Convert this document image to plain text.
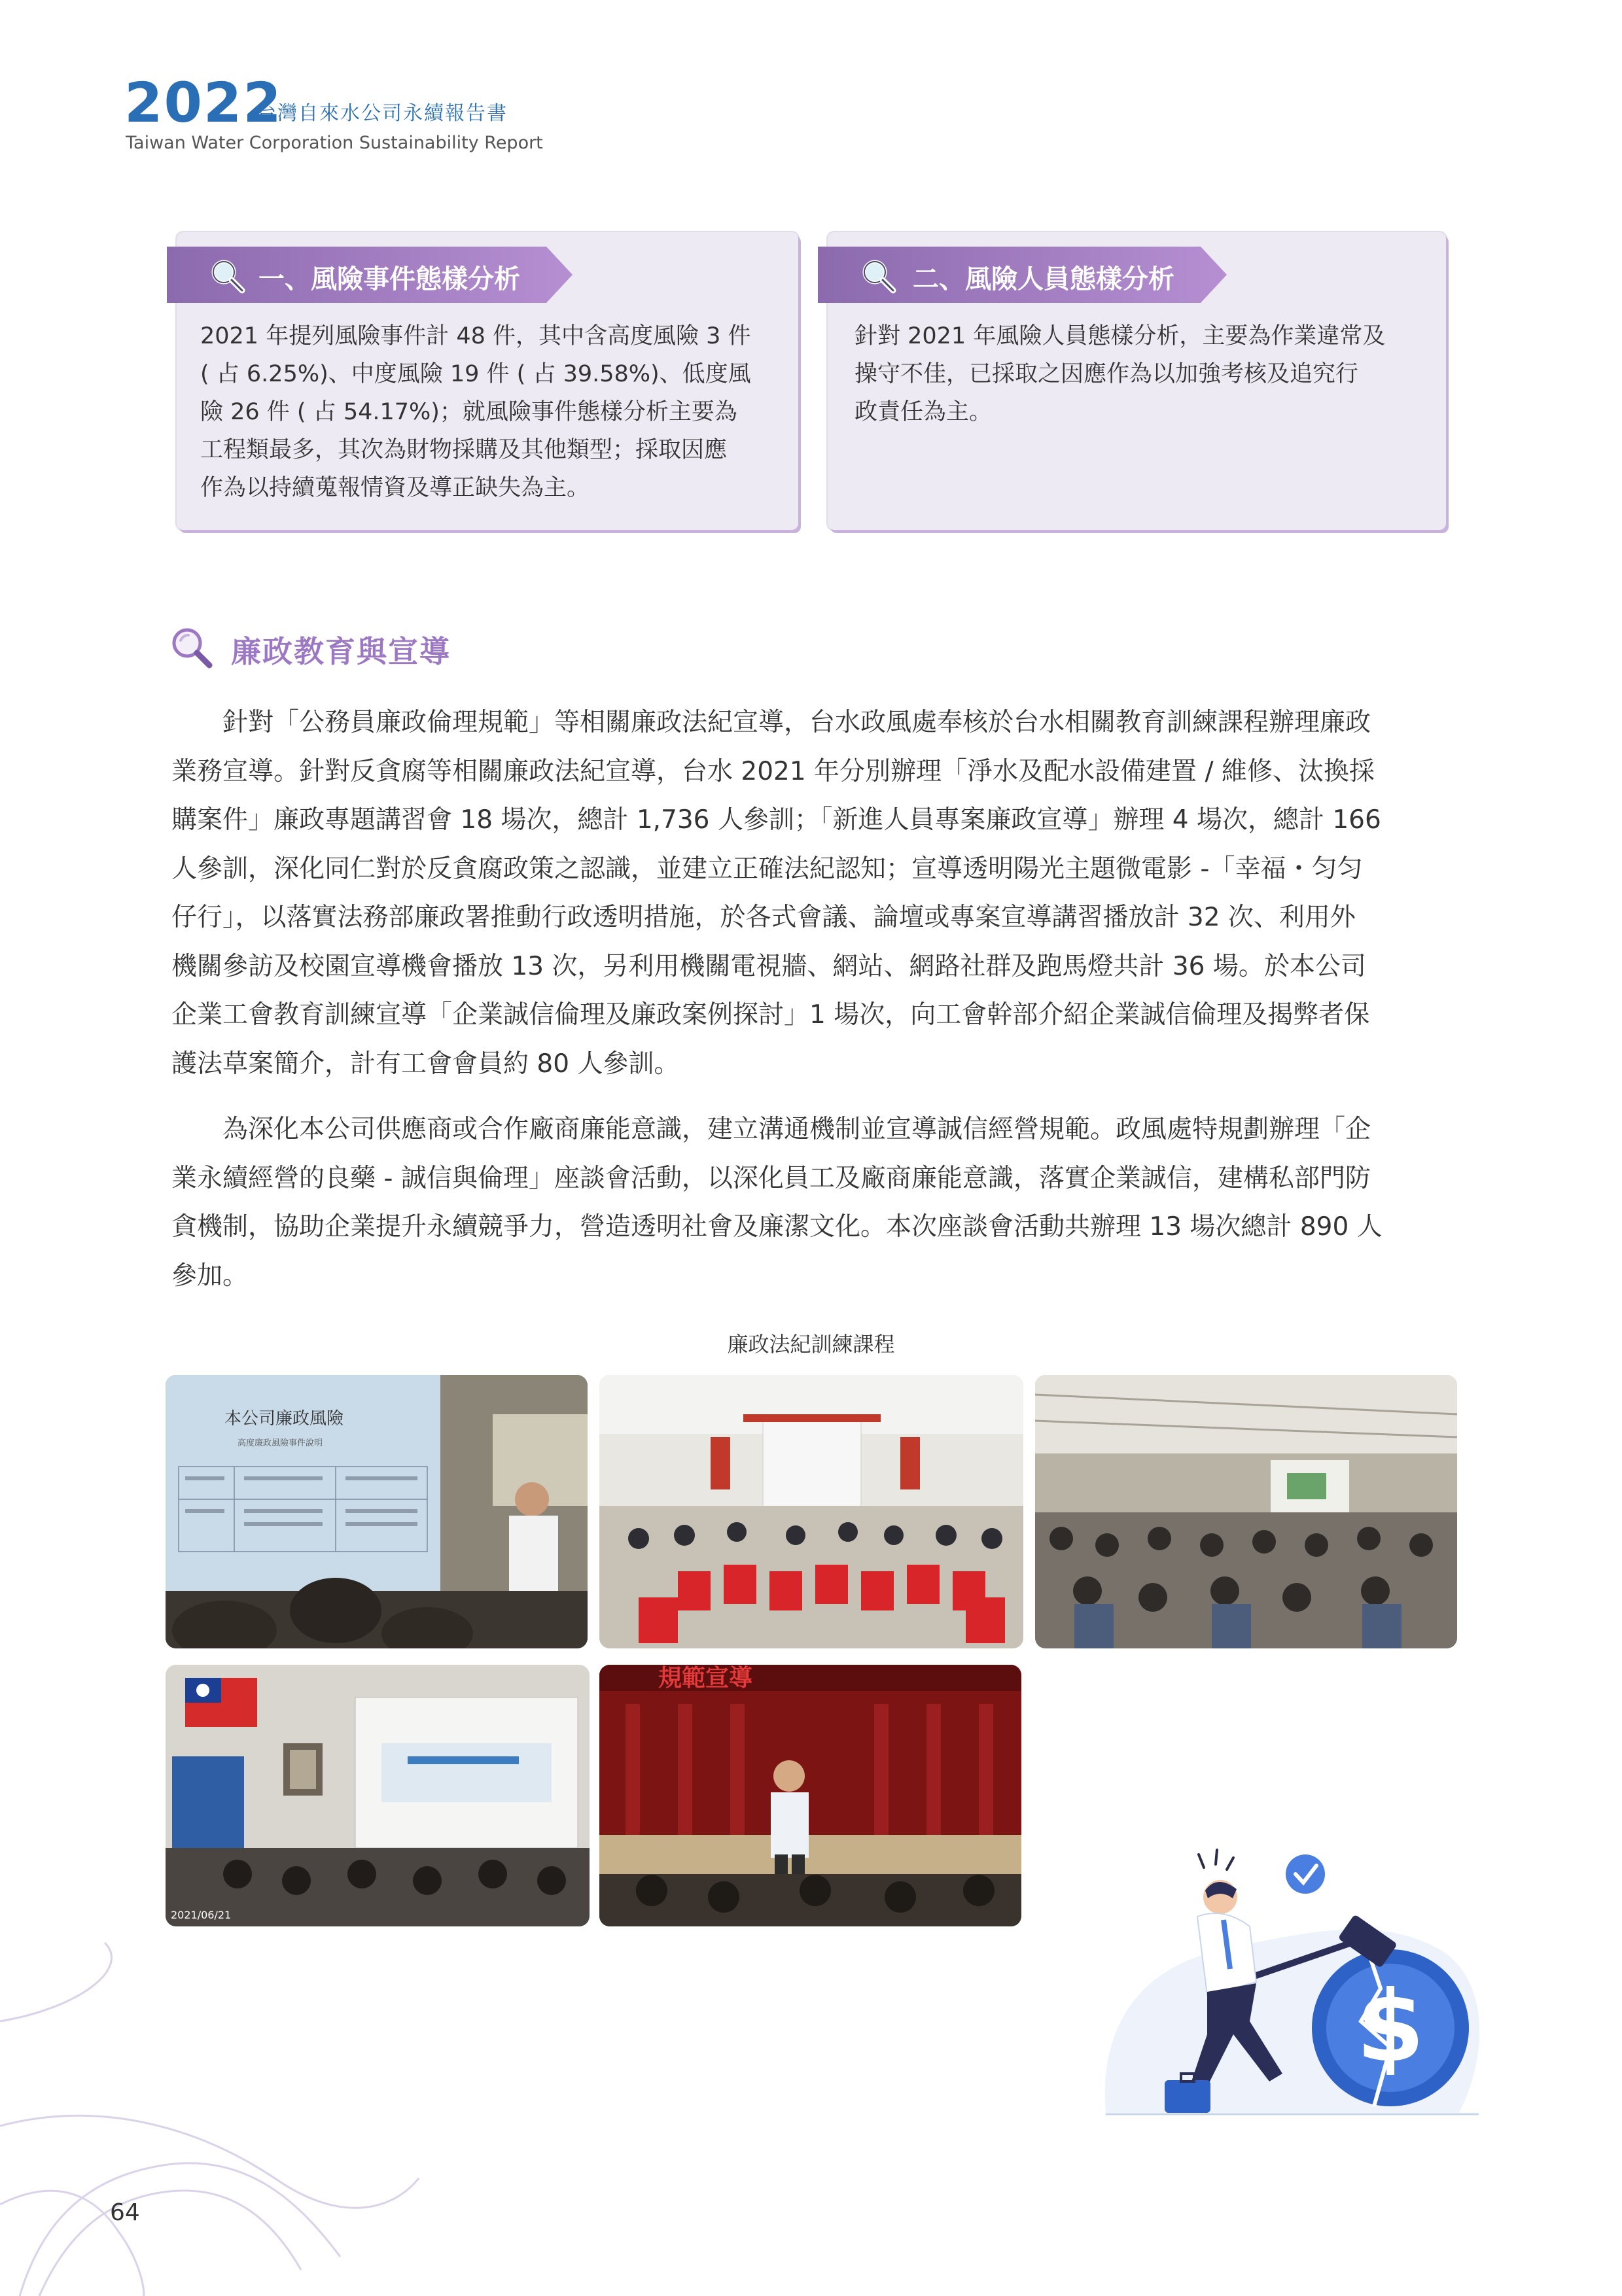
2022
台灣自來水公司永續報告書
Taiwan Water Corporation Sustainability Report
一、風險事件態樣分析
2021 年提列風險事件計 48 件，其中含高度風險 3 件
( 占 6.25%)、中度風險 19 件 ( 占 39.58%)、低度風
險 26 件 ( 占 54.17%)；就風險事件態樣分析主要為
工程類最多，其次為財物採購及其他類型；採取因應
作為以持續蒐報情資及導正缺失為主。
二、風險人員態樣分析
針對 2021 年風險人員態樣分析，主要為作業違常及
操守不佳，已採取之因應作為以加強考核及追究行
政責任為主。
廉政教育與宣導
　　針對「公務員廉政倫理規範」等相關廉政法紀宣導，台水政風處奉核於台水相關教育訓練課程辦理廉政
業務宣導。針對反貪腐等相關廉政法紀宣導，台水 2021 年分別辦理「淨水及配水設備建置 / 維修、汰換採
購案件」廉政專題講習會 18 場次，總計 1,736 人參訓；「新進人員專案廉政宣導」辦理 4 場次，總計 166
人參訓，深化同仁對於反貪腐政策之認識，並建立正確法紀認知；宣導透明陽光主題微電影 -「幸福・匀匀
仔行」，以落實法務部廉政署推動行政透明措施，於各式會議、論壇或專案宣導講習播放計 32 次、利用外
機關參訪及校園宣導機會播放 13 次，另利用機關電視牆、網站、網路社群及跑馬燈共計 36 場。於本公司
企業工會教育訓練宣導「企業誠信倫理及廉政案例探討」1 場次，向工會幹部介紹企業誠信倫理及揭弊者保
護法草案簡介，計有工會會員約 80 人參訓。
　　為深化本公司供應商或合作廠商廉能意識，建立溝通機制並宣導誠信經營規範。政風處特規劃辦理「企
業永續經營的良藥 - 誠信與倫理」座談會活動，以深化員工及廠商廉能意識，落實企業誠信，建構私部門防
貪機制，協助企業提升永續競爭力，營造透明社會及廉潔文化。本次座談會活動共辦理 13 場次總計 890 人
參加。
廉政法紀訓練課程
本公司廉政風險
高度廉政風險事件說明
2021/06/21
規範宣導
$
64
